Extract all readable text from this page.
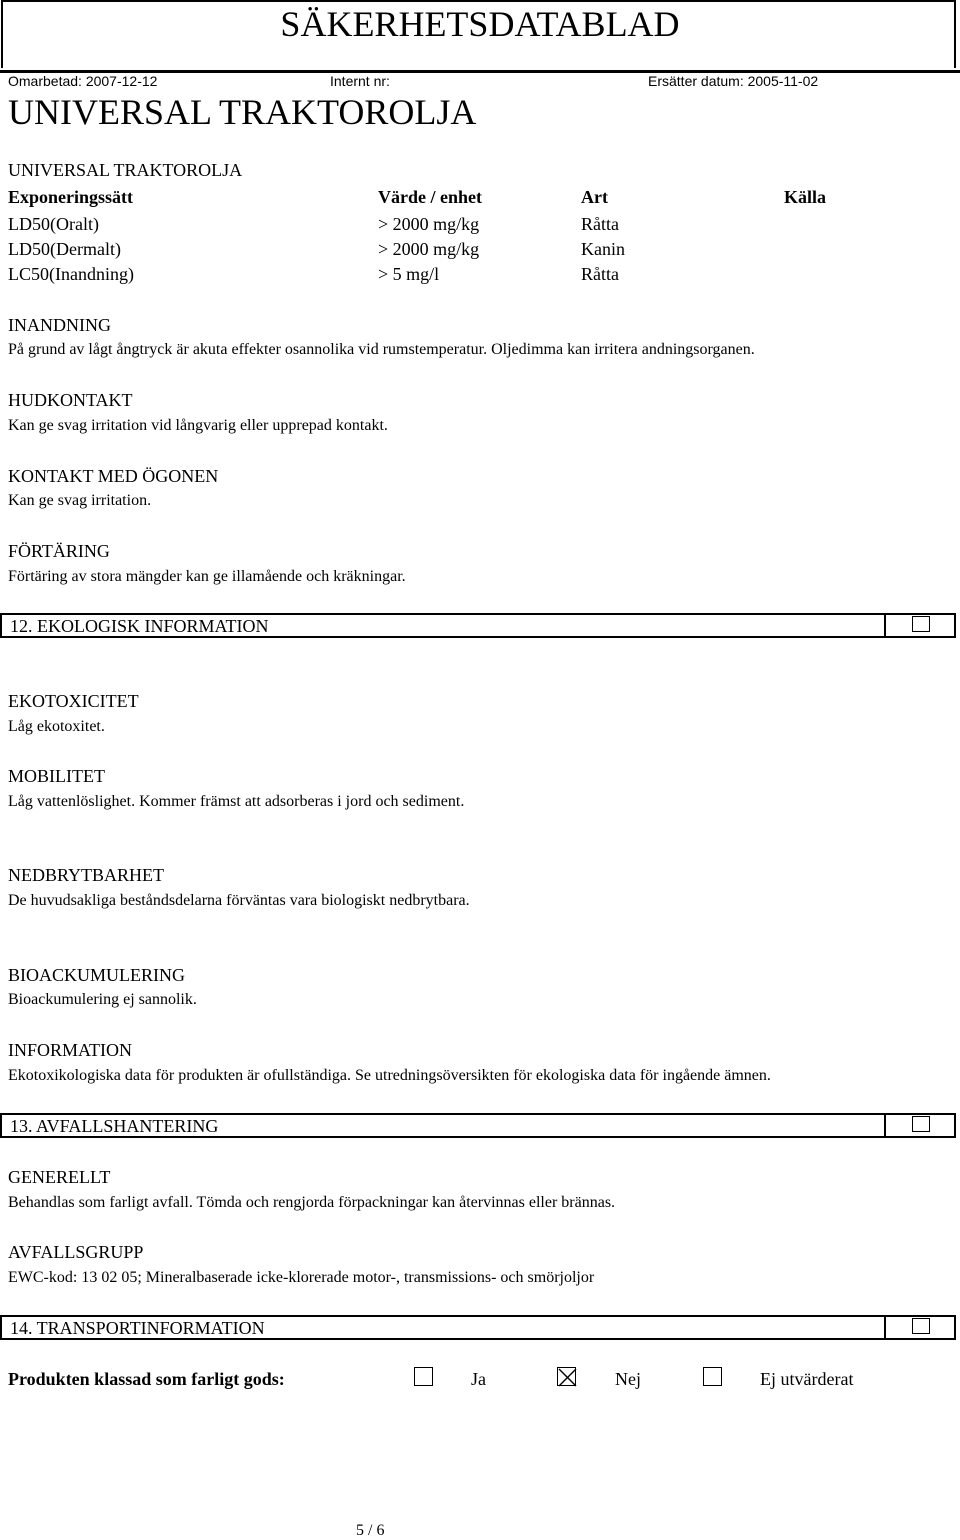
SÄKERHETSDATABLAD
Omarbetad: 2007-12-12	Internt nr:	Ersätter datum: 2005-11-02
UNIVERSAL TRAKTOROLJA
UNIVERSAL TRAKTOROLJA
Exponeringssätt	Värde / enhet	Art	Källa
LD50(Oralt)	> 2000 mg/kg	Råtta
LD50(Dermalt)	> 2000 mg/kg	Kanin
LC50(Inandning)	> 5 mg/l	Råtta
INANDNING
På grund av lågt ångtryck är akuta effekter osannolika vid rumstemperatur. Oljedimma kan irritera andningsorganen.
HUDKONTAKT
Kan ge svag irritation vid långvarig eller upprepad kontakt.
KONTAKT MED ÖGONEN
Kan ge svag irritation.
FÖRTÄRING
Förtäring av stora mängder kan ge illamående och kräkningar.
12. EKOLOGISK INFORMATION
EKOTOXICITET
Låg ekotoxitet.
MOBILITET
Låg vattenlöslighet. Kommer främst att adsorberas i jord och sediment.
NEDBRYTBARHET
De huvudsakliga beståndsdelarna förväntas vara biologiskt nedbrytbara.
BIOACKUMULERING
Bioackumulering ej sannolik.
INFORMATION
Ekotoxikologiska data för produkten är ofullständiga. Se utredningsöversikten för ekologiska data för ingående ämnen.
13. AVFALLSHANTERING
GENERELLT
Behandlas som farligt avfall. Tömda och rengjorda förpackningar kan återvinnas eller brännas.
AVFALLSGRUPP
EWC-kod: 13 02 05; Mineralbaserade icke-klorerade motor-, transmissions- och smörjoljor
14. TRANSPORTINFORMATION
Produkten klassad som farligt gods:	Ja	Nej	Ej utvärderat
5 / 6
